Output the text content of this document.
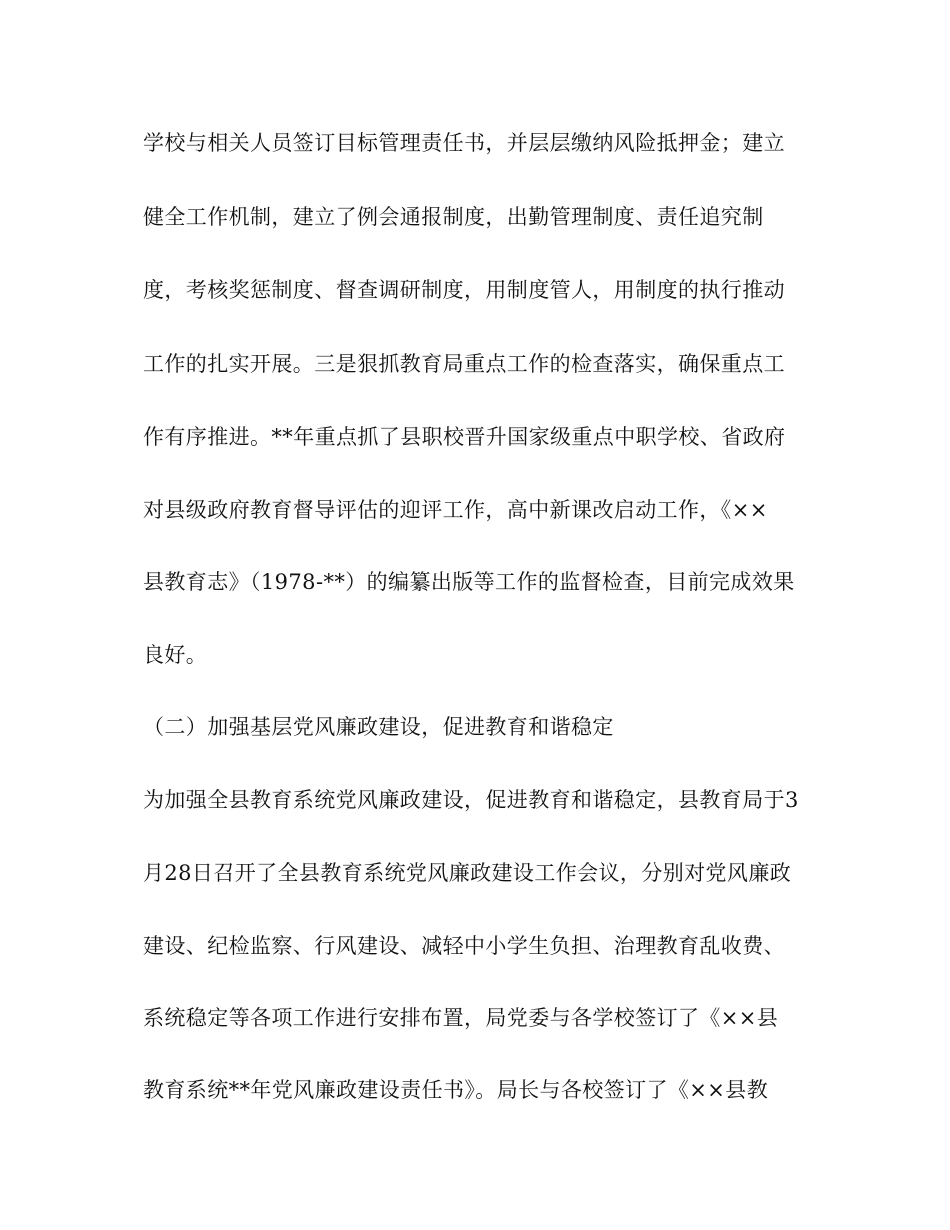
学校与相关人员签订目标管理责任书，并层层缴纳风险抵押金；建立
健全工作机制，建立了例会通报制度，出勤管理制度、责任追究制
度，考核奖惩制度、督查调研制度，用制度管人，用制度的执行推动
工作的扎实开展。三是狠抓教育局重点工作的检查落实，确保重点工
作有序推进。**年重点抓了县职校晋升国家级重点中职学校、省政府
对县级政府教育督导评估的迎评工作，高中新课改启动工作，《××
县教育志》（1978-**）的编纂出版等工作的监督检查，目前完成效果
良好。
（二）加强基层党风廉政建设，促进教育和谐稳定
为加强全县教育系统党风廉政建设，促进教育和谐稳定，县教育局于3
月28日召开了全县教育系统党风廉政建设工作会议，分别对党风廉政
建设、纪检监察、行风建设、减轻中小学生负担、治理教育乱收费、
系统稳定等各项工作进行安排布置，局党委与各学校签订了《××县
教育系统**年党风廉政建设责任书》。局长与各校签订了《××县教
